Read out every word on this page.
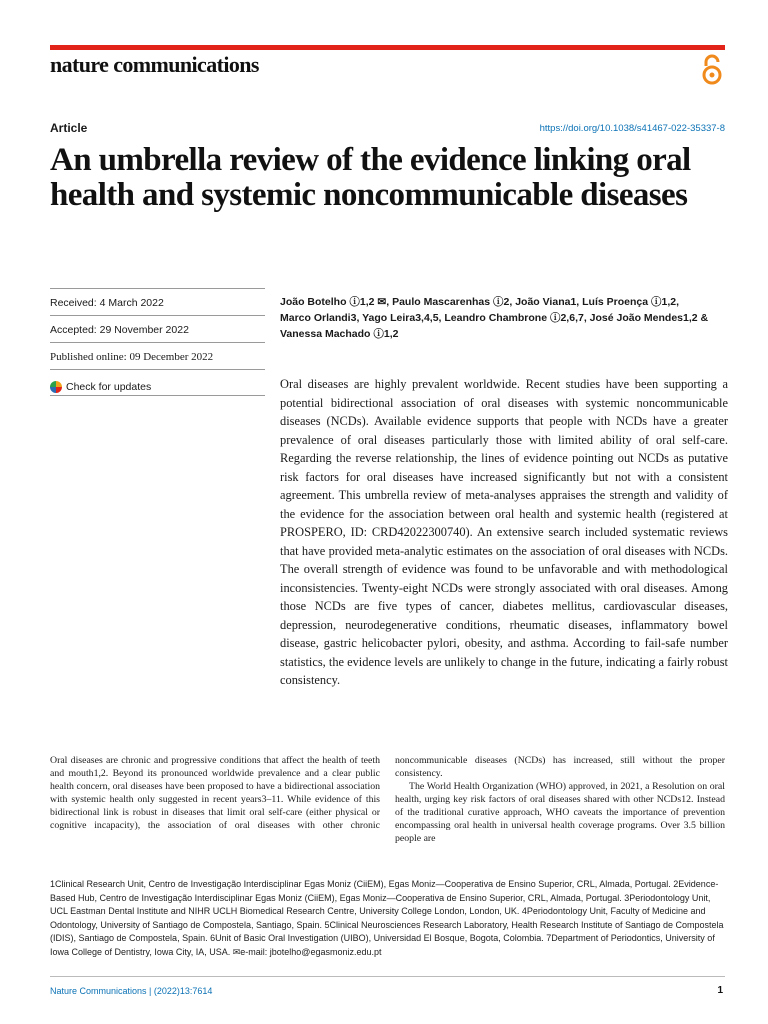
nature communications
Article	https://doi.org/10.1038/s41467-022-35337-8
An umbrella review of the evidence linking oral health and systemic noncommunicable diseases
Received: 4 March 2022
Accepted: 29 November 2022
Published online: 09 December 2022
Check for updates
João Botelho ⓘ1,2 ✉, Paulo Mascarenhas ⓘ2, João Viana1, Luís Proença ⓘ1,2,
Marco Orlandi3, Yago Leira3,4,5, Leandro Chambrone ⓘ2,6,7, José João Mendes1,2 &
Vanessa Machado ⓘ1,2
Oral diseases are highly prevalent worldwide. Recent studies have been supporting a potential bidirectional association of oral diseases with systemic noncommunicable diseases (NCDs). Available evidence supports that people with NCDs have a greater prevalence of oral diseases particularly those with limited ability of oral self-care. Regarding the reverse relationship, the lines of evidence pointing out NCDs as putative risk factors for oral diseases have increased significantly but not with a consistent agreement. This umbrella review of meta-analyses appraises the strength and validity of the evidence for the association between oral health and systemic health (registered at PROSPERO, ID: CRD42022300740). An extensive search included systematic reviews that have provided meta-analytic estimates on the association of oral diseases with NCDs. The overall strength of evidence was found to be unfavorable and with methodological inconsistencies. Twenty-eight NCDs were strongly associated with oral diseases. Among those NCDs are five types of cancer, diabetes mellitus, cardiovascular diseases, depression, neurodegenerative conditions, rheumatic diseases, inflammatory bowel disease, gastric helicobacter pylori, obesity, and asthma. According to fail-safe number statistics, the evidence levels are unlikely to change in the future, indicating a fairly robust consistency.

Oral diseases are chronic and progressive conditions that affect the health of teeth and mouth1,2. Beyond its pronounced worldwide prevalence and a clear public health concern, oral diseases have been proposed to have a bidirectional association with systemic health only suggested in recent years3–11. While evidence of this bidirectional link is robust in diseases that limit oral self-care (either physical or cognitive incapacity), the association of oral diseases with other chronic noncommunicable diseases (NCDs) has increased, still without the proper consistency.

The World Health Organization (WHO) approved, in 2021, a Resolution on oral health, urging key risk factors of oral diseases shared with other NCDs12. Instead of the traditional curative approach, WHO caveats the importance of prevention encompassing oral health in universal health coverage programs. Over 3.5 billion people are

1Clinical Research Unit, Centro de Investigação Interdisciplinar Egas Moniz (CiiEM), Egas Moniz—Cooperativa de Ensino Superior, CRL, Almada, Portugal. 2Evidence-Based Hub, Centro de Investigação Interdisciplinar Egas Moniz (CiiEM), Egas Moniz—Cooperativa de Ensino Superior, CRL, Almada, Portugal. 3Periodontology Unit, UCL Eastman Dental Institute and NIHR UCLH Biomedical Research Centre, University College London, London, UK. 4Periodontology Unit, Faculty of Medicine and Odontology, University of Santiago de Compostela, Santiago, Spain. 5Clinical Neurosciences Research Laboratory, Health Research Institute of Santiago de Compostela (IDIS), Santiago de Compostela, Spain. 6Unit of Basic Oral Investigation (UIBO), Universidad El Bosque, Bogota, Colombia. 7Department of Periodontics, University of Iowa College of Dentistry, Iowa City, IA, USA. ✉e-mail: jbotelho@egasmoniz.edu.pt
Nature Communications | (2022)13:7614	1
